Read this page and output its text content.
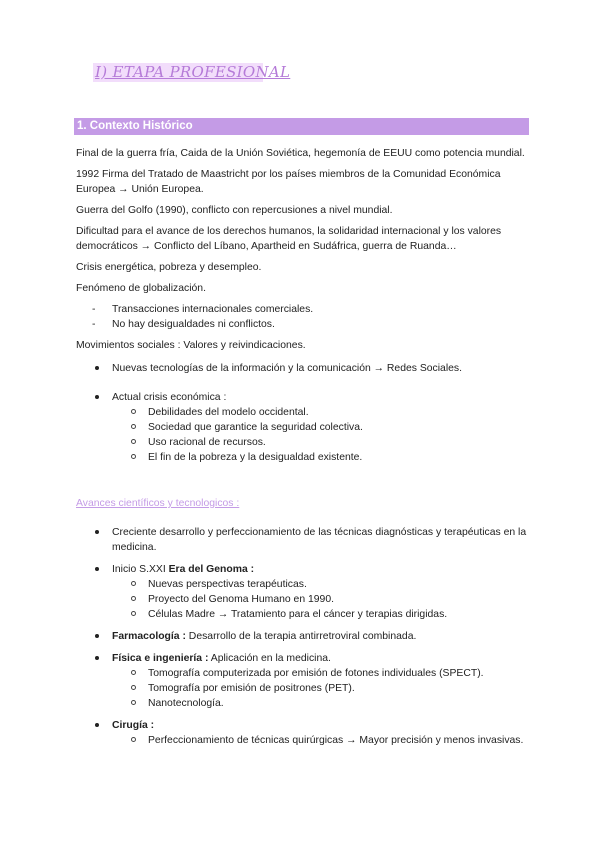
I) ETAPA PROFESIONAL
1. Contexto Histórico

Final de la guerra fría, Caida de la Unión Soviética, hegemonía de EEUU como potencia mundial.

1992 Firma del Tratado de Maastricht por los países miembros de la Comunidad Económica Europea → Unión Europea.

Guerra del Golfo (1990), conflicto con repercusiones a nivel mundial.

Dificultad para el avance de los derechos humanos, la solidaridad internacional y los valores democráticos → Conflicto del Líbano, Apartheid en Sudáfrica, guerra de Ruanda…

Crisis energética, pobreza y desempleo.

Fenómeno de globalización.

- Transacciones internacionales comerciales.
- No hay desigualdades ni conflictos.

Movimientos sociales : Valores y reivindicaciones.

Nuevas tecnologías de la información y la comunicación → Redes Sociales.
Actual crisis económica :
Debilidades del modelo occidental.
Sociedad que garantice la seguridad colectiva.
Uso racional de recursos.
El fin de la pobreza y la desigualdad existente.

Avances científicos y tecnologicos :

Creciente desarrollo y perfeccionamiento de las técnicas diagnósticas y terapéuticas en la medicina.
Inicio S.XXI Era del Genoma :
Nuevas perspectivas terapéuticas.
Proyecto del Genoma Humano en 1990.
Células Madre → Tratamiento para el cáncer y terapias dirigidas.
Farmacología : Desarrollo de la terapia antirretroviral combinada.
Física e ingeniería : Aplicación en la medicina.
Tomografía computerizada por emisión de fotones individuales (SPECT).
Tomografía por emisión de positrones (PET).
Nanotecnología.
Cirugía :
Perfeccionamiento de técnicas quirúrgicas → Mayor precisión y menos invasivas.
